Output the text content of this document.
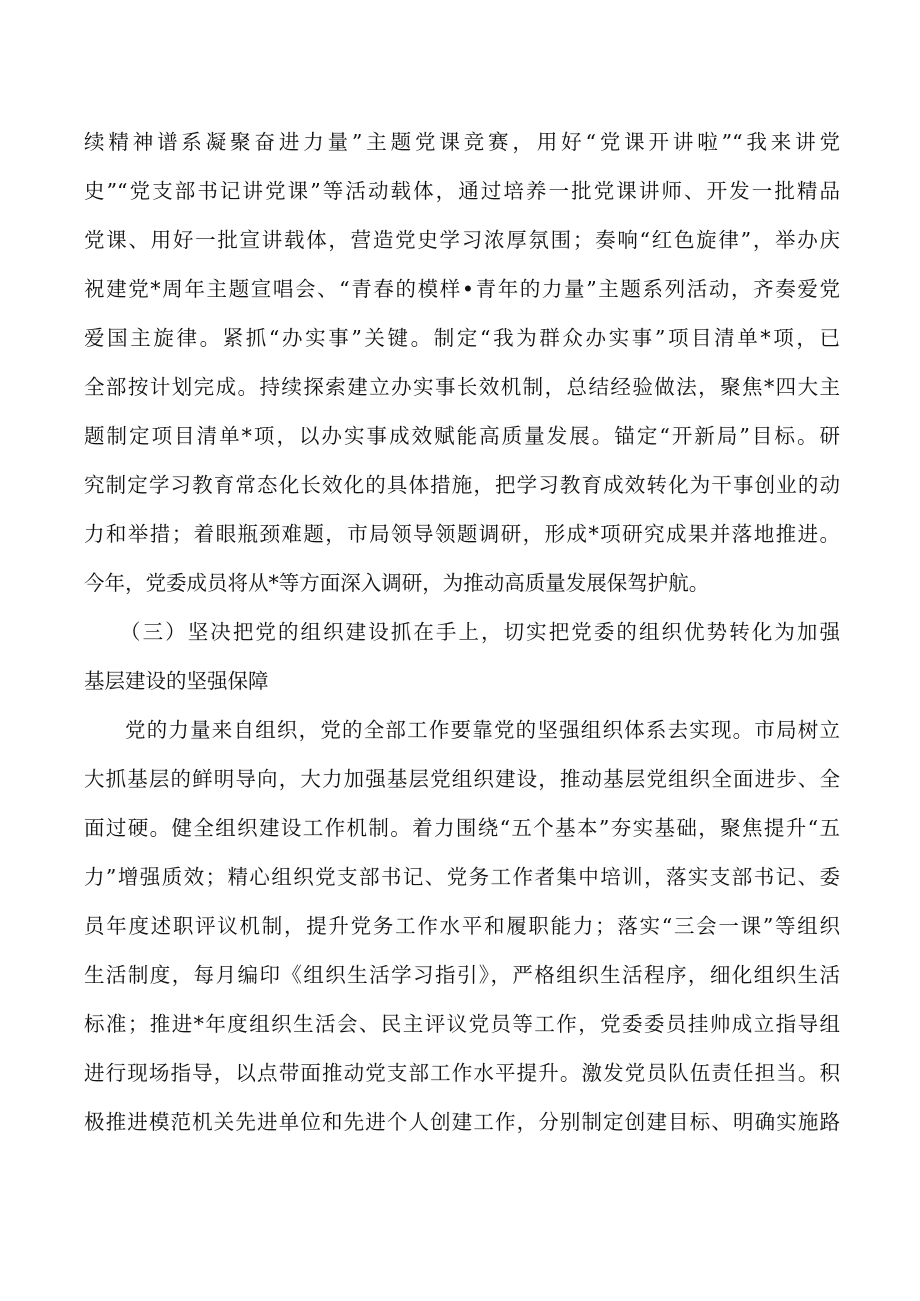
续精神谱系凝聚奋进力量”主题党课竞赛，用好“党课开讲啦”“我来讲党
史”“党支部书记讲党课”等活动载体，通过培养一批党课讲师、开发一批精品
党课、用好一批宣讲载体，营造党史学习浓厚氛围；奏响“红色旋律”，举办庆
祝建党*周年主题宣唱会、“青春的模样•青年的力量”主题系列活动，齐奏爱党
爱国主旋律。紧抓“办实事”关键。制定“我为群众办实事”项目清单*项，已
全部按计划完成。持续探索建立办实事长效机制，总结经验做法，聚焦*四大主
题制定项目清单*项，以办实事成效赋能高质量发展。锚定“开新局”目标。研
究制定学习教育常态化长效化的具体措施，把学习教育成效转化为干事创业的动
力和举措；着眼瓶颈难题，市局领导领题调研，形成*项研究成果并落地推进。
今年，党委成员将从*等方面深入调研，为推动高质量发展保驾护航。
（三）坚决把党的组织建设抓在手上，切实把党委的组织优势转化为加强
基层建设的坚强保障
党的力量来自组织，党的全部工作要靠党的坚强组织体系去实现。市局树立
大抓基层的鲜明导向，大力加强基层党组织建设，推动基层党组织全面进步、全
面过硬。健全组织建设工作机制。着力围绕“五个基本”夯实基础，聚焦提升“五
力”增强质效；精心组织党支部书记、党务工作者集中培训，落实支部书记、委
员年度述职评议机制，提升党务工作水平和履职能力；落实“三会一课”等组织
生活制度，每月编印《组织生活学习指引》，严格组织生活程序，细化组织生活
标准；推进*年度组织生活会、民主评议党员等工作，党委委员挂帅成立指导组
进行现场指导，以点带面推动党支部工作水平提升。激发党员队伍责任担当。积
极推进模范机关先进单位和先进个人创建工作，分别制定创建目标、明确实施路
